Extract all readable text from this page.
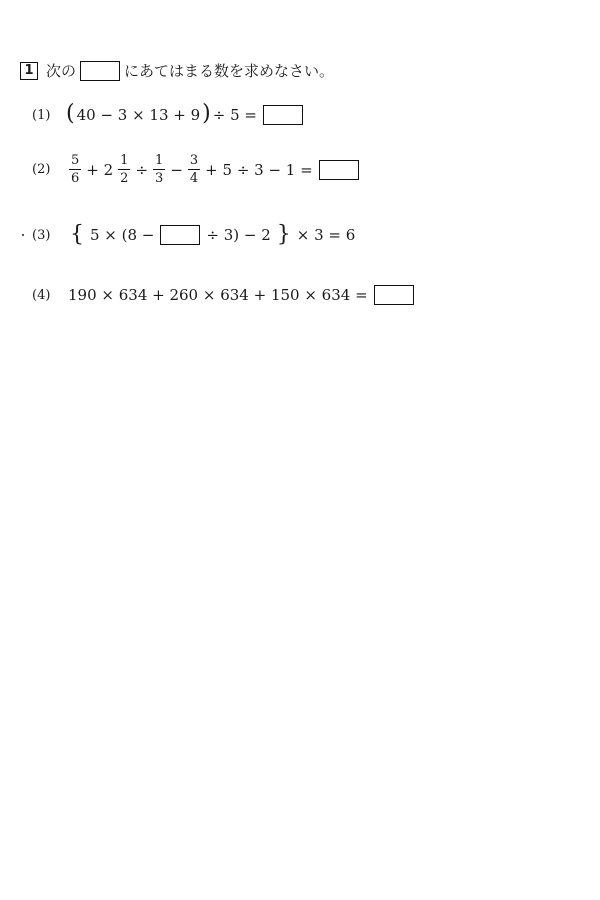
1 次の	にあてはまる数を求めなさい。
(1) ( 40 − 3 × 13 + 9 ) ÷ 5 =
(2)	$\frac{5}{6} + 2 \frac{1}{2} \div \frac{1}{3} - \frac{3}{4} + 5 \div 3 - 1$ =
(3) { 5 × (8 −	÷ 3) − 2 } × 3 = 6
(4)	190 × 634 + 260 × 634 + 150 × 634 =
